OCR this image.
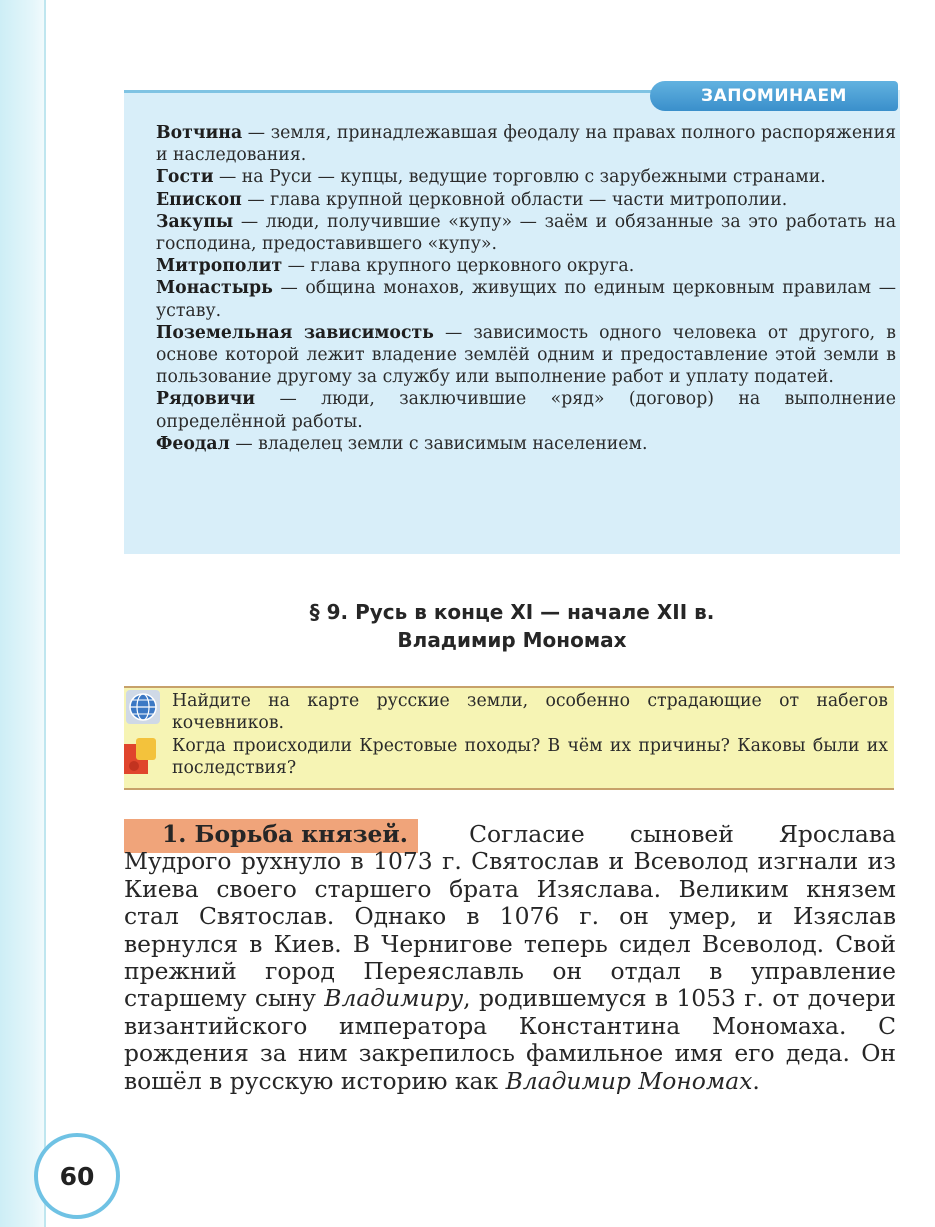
ЗАПОМИНАЕМ

Вотчина — земля, принадлежавшая феодалу на правах полного распоряжения и наследования.

Гости — на Руси — купцы, ведущие торговлю с зарубежными странами.

Епископ — глава крупной церковной области — части митрополии.

Закупы — люди, получившие «купу» — заём и обязанные за это работать на господина, предоставившего «купу».

Митрополит — глава крупного церковного округа.

Монастырь — община монахов, живущих по единым церковным правилам — уставу.

Поземельная зависимость — зависимость одного человека от другого, в основе которой лежит владение землёй одним и предоставление этой земли в пользование другому за службу или выполнение работ и уплату податей.

Рядовичи — люди, заключившие «ряд» (договор) на выполнение определённой работы.

Феодал — владелец земли с зависимым населением.

§ 9. Русь в конце XI — начале XII в.
Владимир Мономах

Найдите на карте русские земли, особенно страдающие от набегов кочевников.

Когда происходили Крестовые походы? В чём их причины? Каковы были их последствия?

1. Борьба князей. Согласие сыновей Ярослава Мудрого рухнуло в 1073 г. Святослав и Всеволод изгнали из Киева своего старшего брата Изяслава. Великим князем стал Святослав. Однако в 1076 г. он умер, и Изяслав вернулся в Киев. В Чернигове теперь сидел Всеволод. Свой прежний город Переяславль он отдал в управление старшему сыну Владимиру, родившемуся в 1053 г. от дочери византийского императора Константина Мономаха. С рождения за ним закрепилось фамильное имя его деда. Он вошёл в русскую историю как Владимир Мономах.

60
